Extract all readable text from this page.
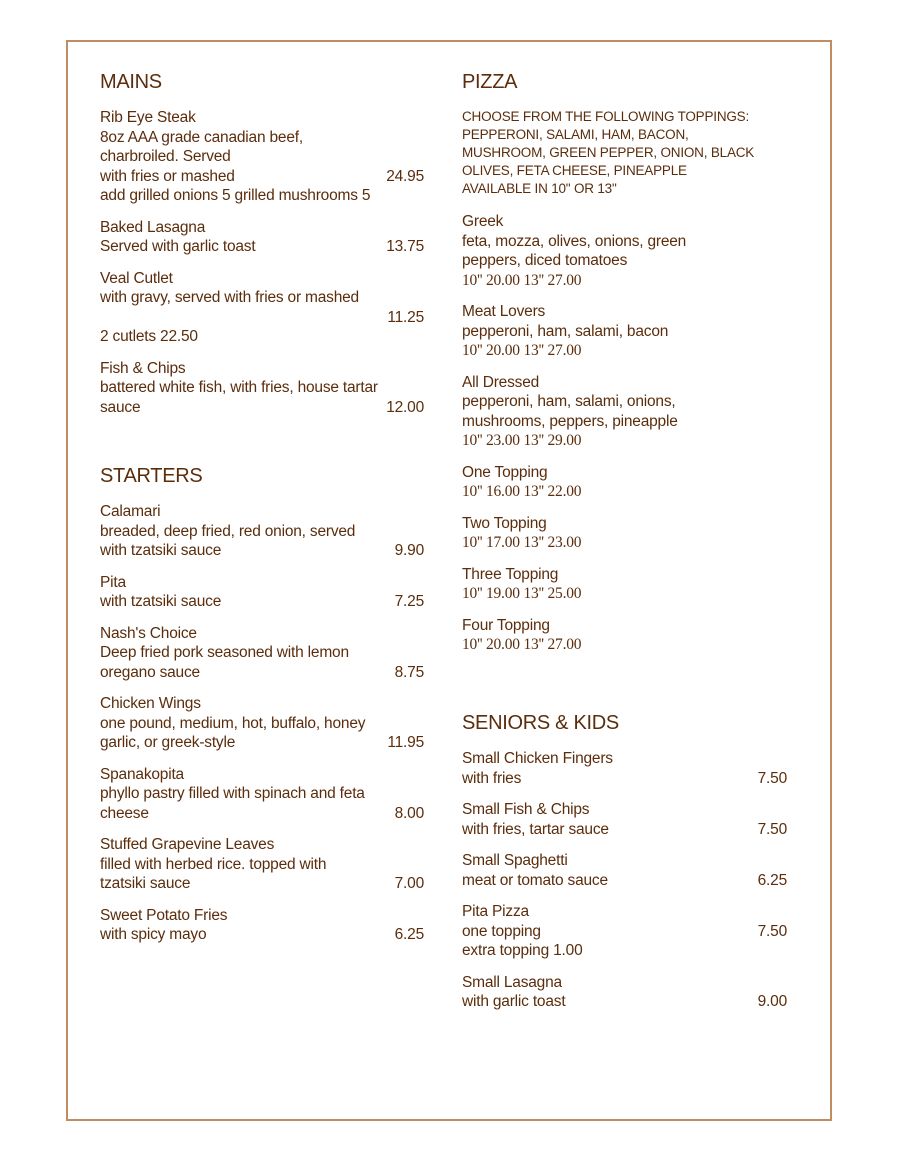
sirved
MAINS
Rib Eye Steak
8oz AAA grade canadian beef,
charbroiled. Served
with fries or mashed	24.95
add grilled onions 5 grilled mushrooms 5
Baked Lasagna
Served with garlic toast	13.75
Veal Cutlet
with gravy, served with fries or mashed
11.25
2 cutlets 22.50
Fish & Chips
battered white fish, with fries, house tartar
sauce	12.00
STARTERS
Calamari
breaded, deep fried, red onion, served
with tzatsiki sauce	9.90
Pita
with tzatsiki sauce	7.25
Nash's Choice
Deep fried pork seasoned with lemon
oregano sauce	8.75
Chicken Wings
one pound, medium, hot, buffalo, honey
garlic, or greek-style	11.95
Spanakopita
phyllo pastry filled with spinach and feta
cheese	8.00
Stuffed Grapevine Leaves
filled with herbed rice. topped with
tzatsiki sauce	7.00
Sweet Potato Fries
with spicy mayo	6.25
PIZZA
CHOOSE FROM THE FOLLOWING TOPPINGS:
PEPPERONI, SALAMI, HAM, BACON,
MUSHROOM, GREEN PEPPER, ONION, BLACK
OLIVES, FETA CHEESE, PINEAPPLE
AVAILABLE IN 10" OR 13"
Greek
feta, mozza, olives, onions, green
peppers, diced tomatoes
10'' 20.00 13'' 27.00
Meat Lovers
pepperoni, ham, salami, bacon
10'' 20.00 13'' 27.00
All Dressed
pepperoni, ham, salami, onions,
mushrooms, peppers, pineapple
10'' 23.00 13'' 29.00
One Topping
10'' 16.00 13'' 22.00
Two Topping
10'' 17.00 13'' 23.00
Three Topping
10'' 19.00 13'' 25.00
Four Topping
10'' 20.00 13'' 27.00
SENIORS & KIDS
Small Chicken Fingers
with fries	7.50
Small Fish & Chips
with fries, tartar sauce	7.50
Small Spaghetti
meat or tomato sauce	6.25
Pita Pizza
one topping	7.50
extra topping 1.00
Small Lasagna
with garlic toast	9.00
